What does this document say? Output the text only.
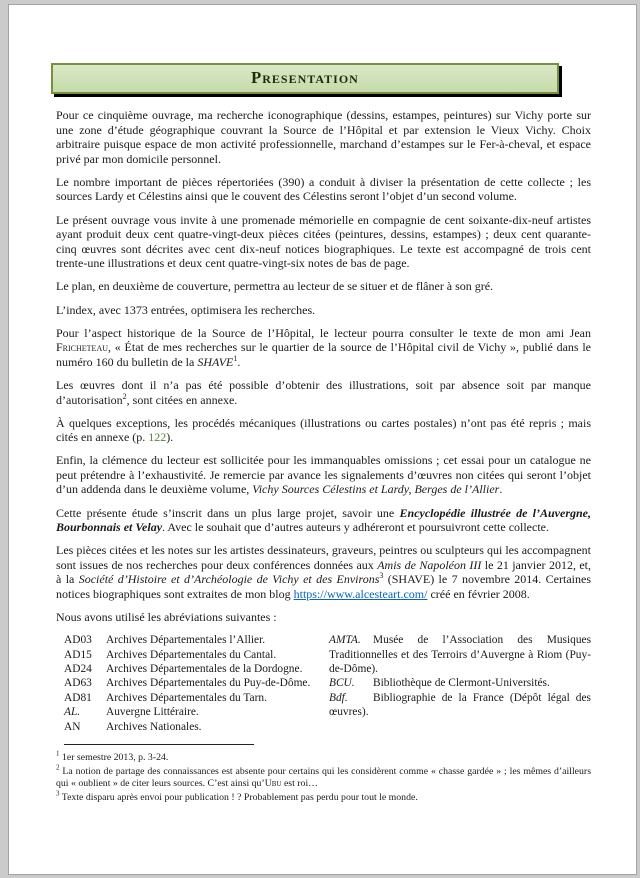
Presentation

Pour ce cinquième ouvrage, ma recherche iconographique (dessins, estampes, peintures) sur Vichy porte sur une zone d’étude géographique couvrant la Source de l’Hôpital et par extension le Vieux Vichy. Choix arbitraire puisque espace de mon activité professionnelle, marchand d’estampes sur le Fer-à-cheval, et espace privé par mon domicile personnel.

Le nombre important de pièces répertoriées (390) a conduit à diviser la présentation de cette collecte ; les sources Lardy et Célestins ainsi que le couvent des Célestins seront l’objet d’un second volume.

Le présent ouvrage vous invite à une promenade mémorielle en compagnie de cent soixante-dix-neuf artistes ayant produit deux cent quatre-vingt-deux pièces citées (peintures, dessins, estampes) ; deux cent quarante-cinq œuvres sont décrites avec cent dix-neuf notices biographiques. Le texte est accompagné de trois cent trente-une illustrations et deux cent quatre-vingt-six notes de bas de page.

Le plan, en deuxième de couverture, permettra au lecteur de se situer et de flâner à son gré.

L’index, avec 1373 entrées, optimisera les recherches.

Pour l’aspect historique de la Source de l’Hôpital, le lecteur pourra consulter le texte de mon ami Jean Fricheteau, « État de mes recherches sur le quartier de la source de l’Hôpital civil de Vichy », publié dans le numéro 160 du bulletin de la SHAVE$^1$.

Les œuvres dont il n’a pas été possible d’obtenir des illustrations, soit par absence soit par manque d’autorisation$^2$, sont citées en annexe.

À quelques exceptions, les procédés mécaniques (illustrations ou cartes postales) n’ont pas été repris ; mais cités en annexe (p. 122).

Enfin, la clémence du lecteur est sollicitée pour les immanquables omissions ; cet essai pour un catalogue ne peut prétendre à l’exhaustivité. Je remercie par avance les signalements d’œuvres non citées qui seront l’objet d’un addenda dans le deuxième volume, Vichy Sources Célestins et Lardy, Berges de l’Allier.

Cette présente étude s’inscrit dans un plus large projet, savoir une Encyclopédie illustrée de l’Auvergne, Bourbonnais et Velay. Avec le souhait que d’autres auteurs y adhéreront et poursuivront cette collecte.

Les pièces citées et les notes sur les artistes dessinateurs, graveurs, peintres ou sculpteurs qui les accompagnent sont issues de nos recherches pour deux conférences données aux Amis de Napoléon III le 21 janvier 2012, et, à la Société d’Histoire et d’Archéologie de Vichy et des Environs$^3$ (SHAVE) le 7 novembre 2014. Certaines notices biographiques sont extraites de mon blog https://www.alcesteart.com/ créé en février 2008.

Nous avons utilisé les abréviations suivantes :

AD03	Archives Départementales l’Allier.
AD15	Archives Départementales du Cantal.
AD24	Archives Départementales de la Dordogne.
AD63	Archives Départementales du Puy-de-Dôme.
AD81	Archives Départementales du Tarn.
AL.	Auvergne Littéraire.
AN	Archives Nationales.

AMTA. Musée de l’Association des Musiques Traditionnelles et des Terroirs d’Auvergne à Riom (Puy-de-Dôme).

BCU. Bibliothèque de Clermont-Universités.

Bdf. Bibliographie de la France (Dépôt légal des œuvres).

$^1$ 1er semestre 2013, p. 3-24.

$^2$ La notion de partage des connaissances est absente pour certains qui les considèrent comme « chasse gardée » ; les mêmes d’ailleurs qui « oublient » de citer leurs sources. C’est ainsi qu’Ubu est roi…

$^3$ Texte disparu après envoi pour publication ! ? Probablement pas perdu pour tout le monde.
